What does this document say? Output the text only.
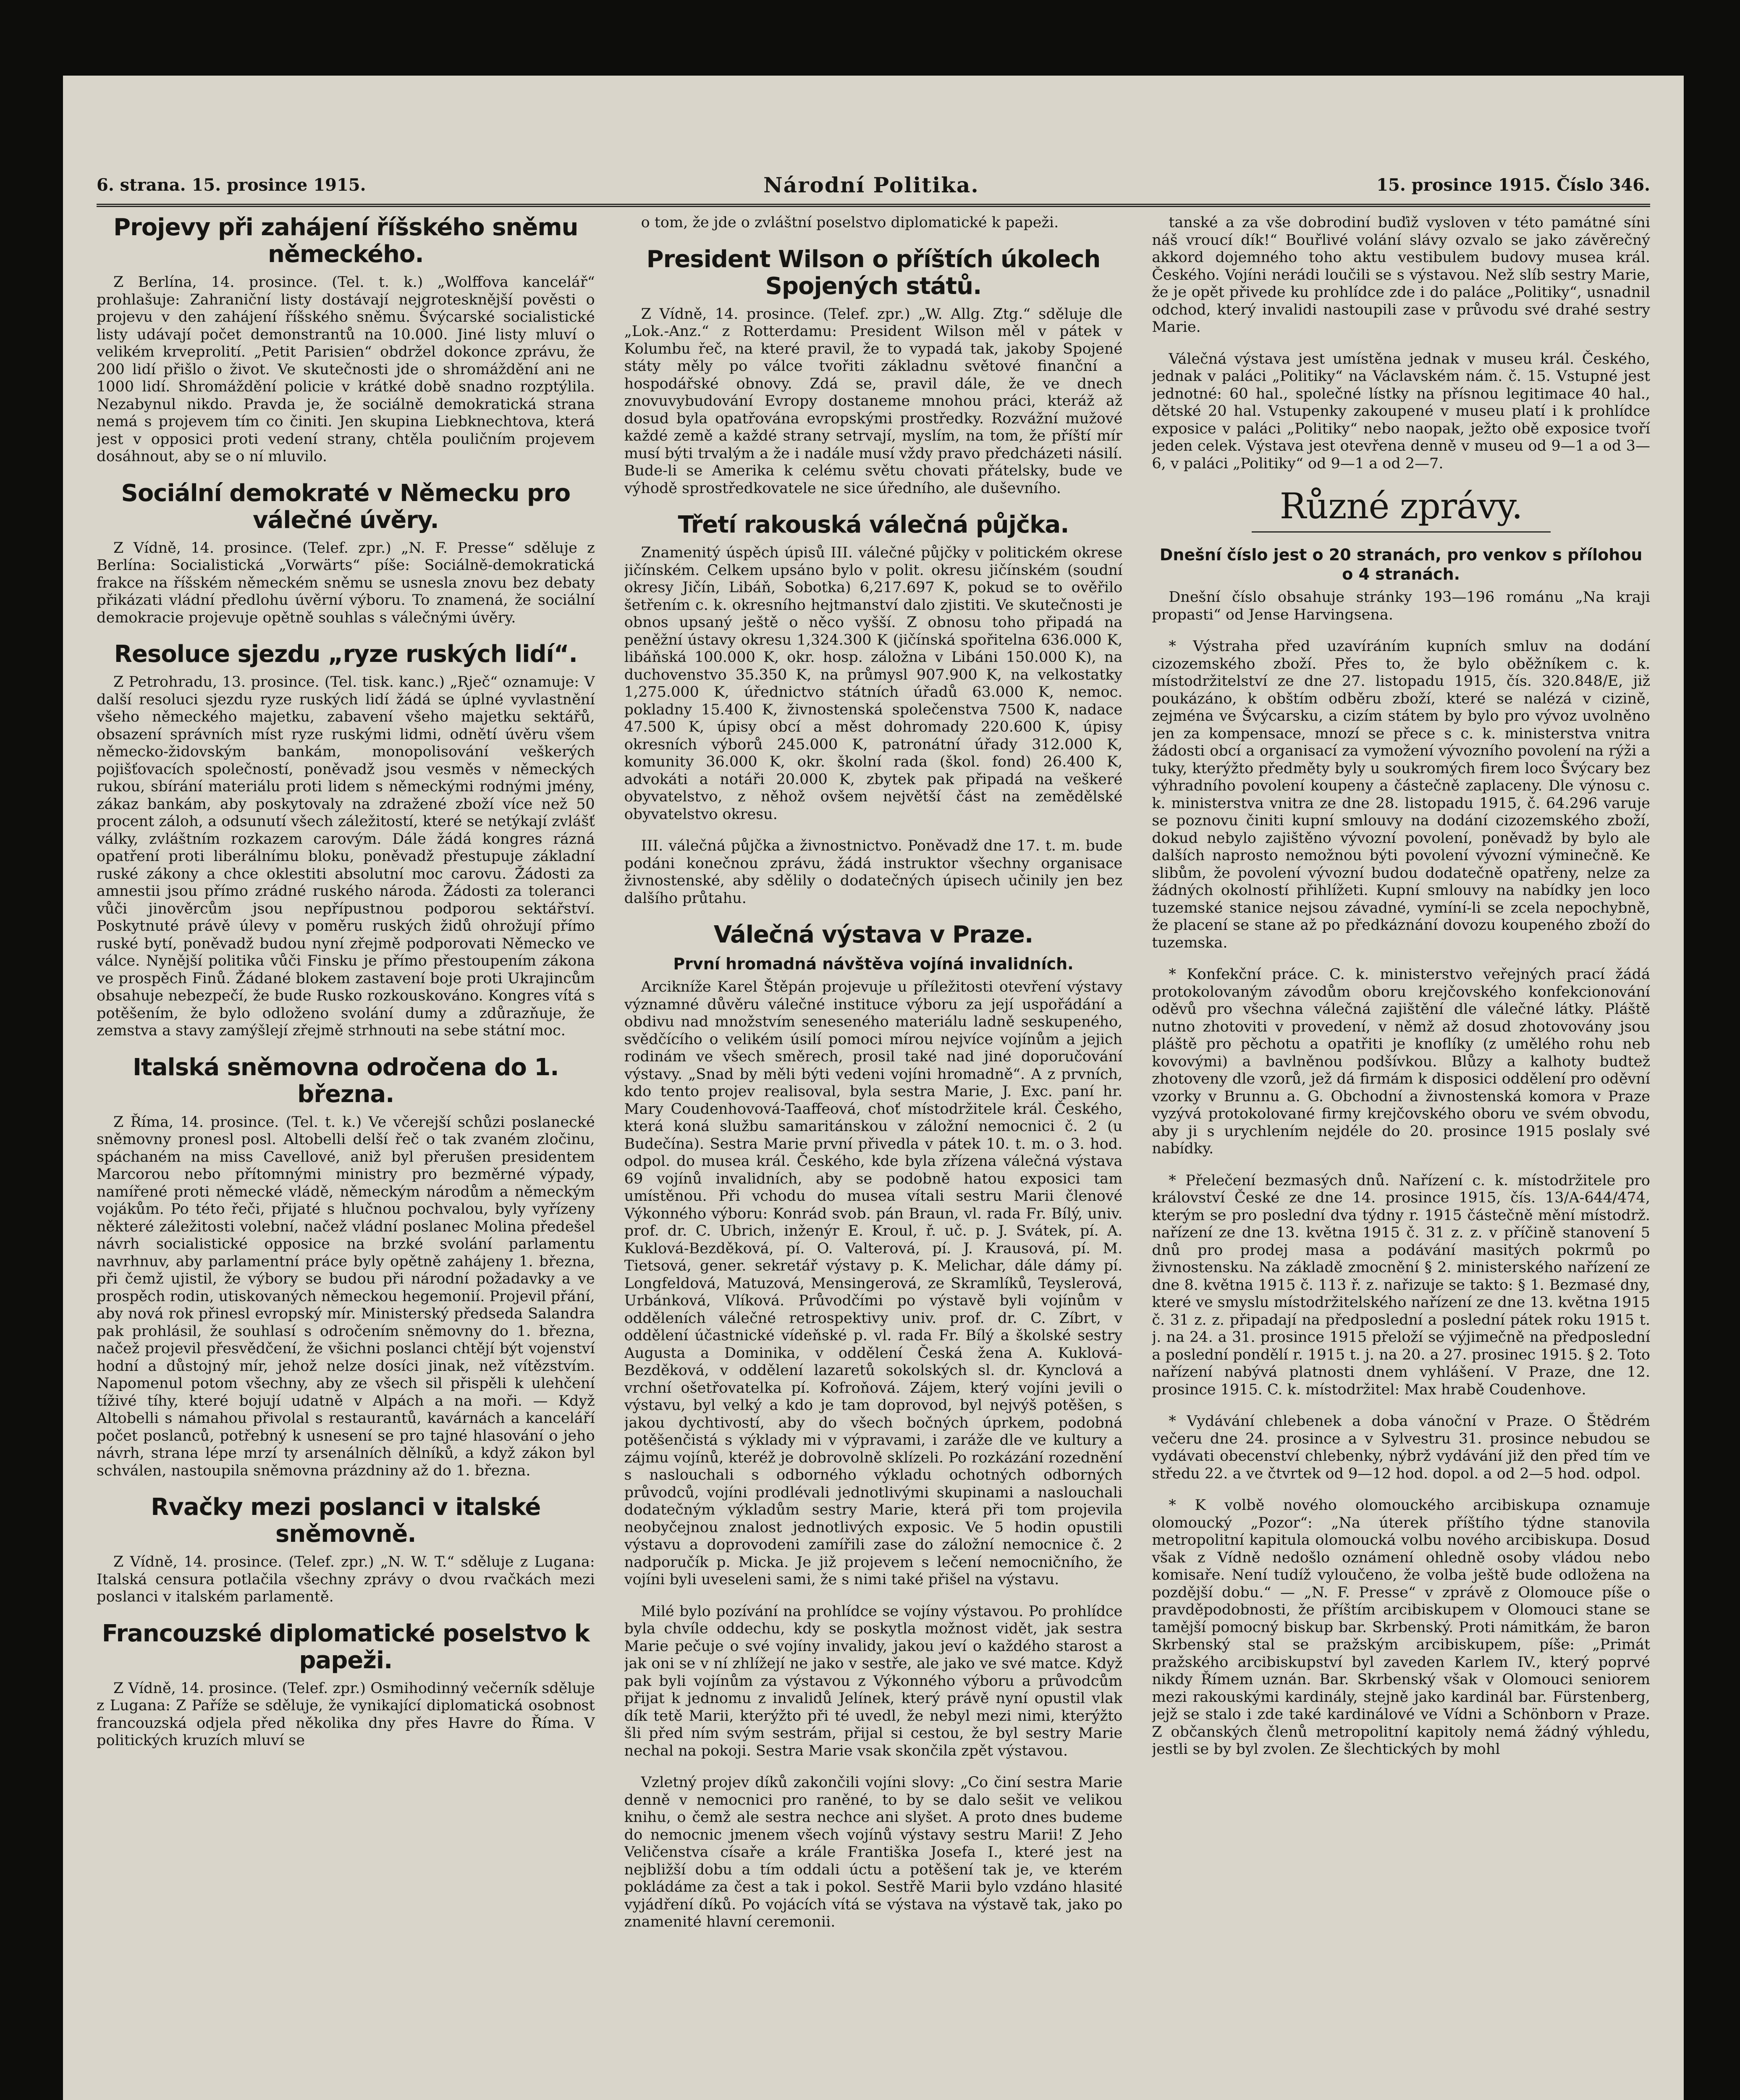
6. strana. 15. prosince 1915.	Národní Politika.	15. prosince 1915. Číslo 346.
Projevy při zahájení říšského sněmu německého.

Z Berlína, 14. prosince. (Tel. t. k.) „Wolffova kancelář“ prohlašuje: Zahraniční listy dostávají nejgrotesknější pověsti o projevu v den zahájení říšského sněmu. Švýcarské socialistické listy udávají počet demonstrantů na 10.000. Jiné listy mluví o velikém krveprolití. „Petit Parisien“ obdržel dokonce zprávu, že 200 lidí přišlo o život. Ve skutečnosti jde o shromáždění ani ne 1000 lidí. Shromáždění policie v krátké době snadno rozptýlila. Nezabynul nikdo. Pravda je, že sociálně demokratická strana nemá s projevem tím co činiti. Jen skupina Liebknechtova, která jest v opposici proti vedení strany, chtěla pouličním projevem dosáhnout, aby se o ní mluvilo.

Sociální demokraté v Německu pro válečné úvěry.

Z Vídně, 14. prosince. (Telef. zpr.) „N. F. Presse“ sděluje z Berlína: Socialistická „Vorwärts“ píše: Sociálně-demokratická frakce na říšském německém sněmu se usnesla znovu bez debaty přikázati vládní předlohu úvěrní výboru. To znamená, že sociální demokracie projevuje opětně souhlas s válečnými úvěry.

Resoluce sjezdu „ryze ruských lidí“.

Z Petrohradu, 13. prosince. (Tel. tisk. kanc.) „Rječ“ oznamuje: V další resoluci sjezdu ryze ruských lidí žádá se úplné vyvlastnění všeho německého majetku, zabavení všeho majetku sektářů, obsazení správních míst ryze ruskými lidmi, odnětí úvěru všem německo-židovským bankám, monopolisování veškerých pojišťovacích společností, poněvadž jsou vesměs v německých rukou, sbírání materiálu proti lidem s německými rodnými jmény, zákaz bankám, aby poskytovaly na zdražené zboží více než 50 procent záloh, a odsunutí všech záležitostí, které se netýkají zvlášť války, zvláštním rozkazem carovým. Dále žádá kongres rázná opatření proti liberálnímu bloku, poněvadž přestupuje základní ruské zákony a chce oklestiti absolutní moc carovu. Žádosti za amnestii jsou přímo zrádné ruského národa. Žádosti za toleranci vůči jinověrcům jsou nepřípustnou podporou sektářství. Poskytnuté právě úlevy v poměru ruských židů ohrožují přímo ruské bytí, poněvadž budou nyní zřejmě podporovati Německo ve válce. Nynější politika vůči Finsku je přímo přestoupením zákona ve prospěch Finů. Žádané blokem zastavení boje proti Ukrajincům obsahuje nebezpečí, že bude Rusko rozkouskováno. Kongres vítá s potěšením, že bylo odloženo svolání dumy a zdůrazňuje, že zemstva a stavy zamýšlejí zřejmě strhnouti na sebe státní moc.

Italská sněmovna odročena do 1. března.

Z Říma, 14. prosince. (Tel. t. k.) Ve včerejší schůzi poslanecké sněmovny pronesl posl. Altobelli delší řeč o tak zvaném zločinu, spáchaném na miss Cavellové, aniž byl přerušen presidentem Marcorou nebo přítomnými ministry pro bezměrné výpady, namířené proti německé vládě, německým národům a německým vojákům. Po této řeči, přijaté s hlučnou pochvalou, byly vyřízeny některé záležitosti volební, načež vládní poslanec Molina předešel návrh socialistické opposice na brzké svolání parlamentu navrhnuv, aby parlamentní práce byly opětně zahájeny 1. března, při čemž ujistil, že výbory se budou při národní požadavky a ve prospěch rodin, utiskovaných německou hegemonií. Projevil přání, aby nová rok přinesl evropský mír. Ministerský předseda Salandra pak prohlásil, že souhlasí s odročením sněmovny do 1. března, načež projevil přesvědčení, že všichni poslanci chtějí být vojenství hodní a důstojný mír, jehož nelze dosíci jinak, než vítězstvím. Napomenul potom všechny, aby ze všech sil přispěli k ulehčení tíživé tíhy, které bojují udatně v Alpách a na moři. — Když Altobelli s námahou přivolal s restaurantů, kavárnách a kanceláří počet poslanců, potřebný k usnesení se pro tajné hlasování o jeho návrh, strana lépe mrzí ty arsenálních dělníků, a když zákon byl schválen, nastoupila sněmovna prázdniny až do 1. března.

Rvačky mezi poslanci v italské sněmovně.

Z Vídně, 14. prosince. (Telef. zpr.) „N. W. T.“ sděluje z Lugana: Italská censura potlačila všechny zprávy o dvou rvačkách mezi poslanci v italském parlamentě.

Francouzské diplomatické poselstvo k papeži.

Z Vídně, 14. prosince. (Telef. zpr.) Osmihodinný večerník sděluje z Lugana: Z Paříže se sděluje, že vynikající diplomatická osobnost francouzská odjela před několika dny přes Havre do Říma. V politických kruzích mluví se

o tom, že jde o zvláštní poselstvo diplomatické k papeži.

President Wilson o příštích úkolech Spojených států.

Z Vídně, 14. prosince. (Telef. zpr.) „W. Allg. Ztg.“ sděluje dle „Lok.-Anz.“ z Rotterdamu: President Wilson měl v pátek v Kolumbu řeč, na které pravil, že to vypadá tak, jakoby Spojené státy měly po válce tvořiti základnu světové finanční a hospodářské obnovy. Zdá se, pravil dále, že ve dnech znovuvybudování Evropy dostaneme mnohou práci, kteráž až dosud byla opatřována evropskými prostředky. Rozvážní mužové každé země a každé strany setrvají, myslím, na tom, že příští mír musí býti trvalým a že i nadále musí vždy pravo předcházeti násilí. Bude-li se Amerika k celému světu chovati přátelsky, bude ve výhodě sprostředkovatele ne sice úředního, ale duševního.

Třetí rakouská válečná půjčka.

Znamenitý úspěch úpisů III. válečné půjčky v politickém okrese jičínském. Celkem upsáno bylo v polit. okresu jičínském (soudní okresy Jičín, Libáň, Sobotka) 6,217.697 K, pokud se to ověřilo šetřením c. k. okresního hejtmanství dalo zjistiti. Ve skutečnosti je obnos upsaný ještě o něco vyšší. Z obnosu toho připadá na peněžní ústavy okresu 1,324.300 K (jičínská spořitelna 636.000 K, libáňská 100.000 K, okr. hosp. záložna v Libáni 150.000 K), na duchovenstvo 35.350 K, na průmysl 907.900 K, na velkostatky 1,275.000 K, úřednictvo státních úřadů 63.000 K, nemoc. pokladny 15.400 K, živnostenská společenstva 7500 K, nadace 47.500 K, úpisy obcí a měst dohromady 220.600 K, úpisy okresních výborů 245.000 K, patronátní úřady 312.000 K, komunity 36.000 K, okr. školní rada (škol. fond) 26.400 K, advokáti a notáři 20.000 K, zbytek pak připadá na veškeré obyvatelstvo, z něhož ovšem největší část na zemědělské obyvatelstvo okresu.

III. válečná půjčka a živnostnictvo. Poněvadž dne 17. t. m. bude podáni konečnou zprávu, žádá instruktor všechny organisace živnostenské, aby sdělily o dodatečných úpisech učinily jen bez dalšího průtahu.

Válečná výstava v Praze.
První hromadná návštěva vojíná invalidních.

Arcikníže Karel Štěpán projevuje u příležitosti otevření výstavy významné důvěru válečné instituce výboru za její uspořádání a obdivu nad množstvím seneseného materiálu ladně seskupeného, svědčícího o velikém úsilí pomoci mírou nejvíce vojínům a jejich rodinám ve všech směrech, prosil také nad jiné doporučování výstavy. „Snad by měli býti vedeni vojíni hromadně“. A z prvních, kdo tento projev realisoval, byla sestra Marie, J. Exc. paní hr. Mary Coudenhovová-Taaffeová, choť místodržitele král. Českého, která koná službu samaritánskou v záložní nemocnici č. 2 (u Budečína). Sestra Marie první přivedla v pátek 10. t. m. o 3. hod. odpol. do musea král. Českého, kde byla zřízena válečná výstava 69 vojínů invalidních, aby se podobně hatou exposici tam umístěnou. Při vchodu do musea vítali sestru Marii členové Výkonného výboru: Konrád svob. pán Braun, vl. rada Fr. Bílý, univ. prof. dr. C. Ubrich, inženýr E. Kroul, ř. uč. p. J. Svátek, pí. A. Kuklová-Bezděková, pí. O. Valterová, pí. J. Krausová, pí. M. Tietsová, gener. sekretář výstavy p. K. Melichar, dále dámy pí. Longfeldová, Matuzová, Mensingerová, ze Skramlíků, Teyslerová, Urbánková, Vlíková. Průvodčími po výstavě byli vojínům v odděleních válečné retrospektivy univ. prof. dr. C. Zíbrt, v oddělení účastnické vídeňské p. vl. rada Fr. Bílý a školské sestry Augusta a Dominika, v oddělení Česká žena A. Kuklová-Bezděková, v oddělení lazaretů sokolských sl. dr. Kynclová a vrchní ošetřovatelka pí. Kofroňová. Zájem, který vojíni jevili o výstavu, byl velký a kdo je tam doprovod, byl nejvýš potěšen, s jakou dychtivostí, aby do všech bočných úprkem, podobná potěšenčistá s výklady mi v výpravami, i zaráže dle ve kultury a zájmu vojínů, kteréž je dobrovolně sklízeli. Po rozkázání rozednění s naslouchali s odborného výkladu ochotných odborných průvodců, vojíni prodlévali jednotlivými skupinami a naslouchali dodatečným výkladům sestry Marie, která při tom projevila neobyčejnou znalost jednotlivých exposic. Ve 5 hodin opustili výstavu a doprovodeni zamířili zase do záložní nemocnice č. 2 nadporučík p. Micka. Je již projevem s lečení nemocničního, že vojíni byli uveseleni sami, že s nimi také přišel na výstavu.

Milé bylo pozívání na prohlídce se vojíny výstavou. Po prohlídce byla chvíle oddechu, kdy se poskytla možnost vidět, jak sestra Marie pečuje o své vojíny invalidy, jakou jeví o každého starost a jak oni se v ní zhlížejí ne jako v sestře, ale jako ve své matce. Když pak byli vojínům za výstavou z Výkonného výboru a průvodcům přijat k jednomu z invalidů Jelínek, který právě nyní opustil vlak dík tetě Marii, kterýžto při té uvedl, že nebyl mezi nimi, kterýžto šli před ním svým sestrám, přijal si cestou, že byl sestry Marie nechal na pokoji. Sestra Marie vsak skončila zpět výstavou.

Vzletný projev díků zakončili vojíni slovy: „Co činí sestra Marie denně v nemocnici pro raněné, to by se dalo sešit ve velikou knihu, o čemž ale sestra nechce ani slyšet. A proto dnes budeme do nemocnic jmenem všech vojínů výstavy sestru Marii! Z Jeho Veličenstva císaře a krále Františka Josefa I., které jest na nejbližší dobu a tím oddali úctu a potěšení tak je, ve kterém pokládáme za čest a tak i pokol. Sestřě Marii bylo vzdáno hlasité vyjádření díků. Po vojácích vítá se výstava na výstavě tak, jako po znamenité hlavní ceremonii.

tanské a za vše dobrodiní buďiž vysloven v této památné síni náš vroucí dík!“ Bouřlivé volání slávy ozvalo se jako závěrečný akkord dojemného toho aktu vestibulem budovy musea král. Českého. Vojíni nerádi loučili se s výstavou. Než slíb sestry Marie, že je opět přivede ku prohlídce zde i do paláce „Politiky“, usnadnil odchod, který invalidi nastoupili zase v průvodu své drahé sestry Marie.

Válečná výstava jest umístěna jednak v museu král. Českého, jednak v paláci „Politiky“ na Václavském nám. č. 15. Vstupné jest jednotné: 60 hal., společné lístky na přísnou legitimace 40 hal., dětské 20 hal. Vstupenky zakoupené v museu platí i k prohlídce exposice v paláci „Politiky“ nebo naopak, ježto obě exposice tvoří jeden celek. Výstava jest otevřena denně v museu od 9—1 a od 3—6, v paláci „Politiky“ od 9—1 a od 2—7.

Různé zprávy.
Dnešní číslo jest o 20 stranách, pro venkov s přílohou o 4 stranách.

Dnešní číslo obsahuje stránky 193—196 románu „Na kraji propasti“ od Jense Harvingsena.

* Výstraha před uzavíráním kupních smluv na dodání cizozemského zboží. Přes to, že bylo oběžníkem c. k. místodržitelství ze dne 27. listopadu 1915, čís. 320.848/E, již poukázáno, k obštím odběru zboží, které se nalézá v cizině, zejména ve Švýcarsku, a cizím státem by bylo pro vývoz uvolněno jen za kompensace, mnozí se přece s c. k. ministerstva vnitra žádosti obcí a organisací za vymožení vývozního povolení na rýži a tuky, kterýžto předměty byly u soukromých firem loco Švýcary bez výhradního povolení koupeny a částečně zaplaceny. Dle výnosu c. k. ministerstva vnitra ze dne 28. listopadu 1915, č. 64.296 varuje se poznovu činiti kupní smlouvy na dodání cizozemského zboží, dokud nebylo zajištěno vývozní povolení, poněvadž by bylo ale dalších naprosto nemožnou býti povolení vývozní výminečně. Ke slibům, že povolení vývozní budou dodatečně opatřeny, nelze za žádných okolností přihlížeti. Kupní smlouvy na nabídky jen loco tuzemské stanice nejsou závadné, vymíní-li se zcela nepochybně, že placení se stane až po předkáznání dovozu koupeného zboží do tuzemska.

* Konfekční práce. C. k. ministerstvo veřejných prací žádá protokolovaným závodům oboru krejčovského konfekcionování oděvů pro všechna válečná zajištění dle válečné látky. Pláště nutno zhotoviti v provedení, v němž až dosud zhotovovány jsou pláště pro pěchotu a opatřiti je knoflíky (z umělého rohu neb kovovými) a bavlněnou podšívkou. Blůzy a kalhoty budtež zhotoveny dle vzorů, jež dá firmám k disposici oddělení pro oděvní vzorky v Brunnu a. G. Obchodní a živnostenská komora v Praze vyzývá protokolované firmy krejčovského oboru ve svém obvodu, aby ji s urychlením nejdéle do 20. prosince 1915 poslaly své nabídky.

* Přelečení bezmasých dnů. Nařízení c. k. místodržitele pro království České ze dne 14. prosince 1915, čís. 13/A-644/474, kterým se pro poslední dva týdny r. 1915 částečně mění místodrž. nařízení ze dne 13. května 1915 č. 31 z. z. v příčině stanovení 5 dnů pro prodej masa a podávání masitých pokrmů po živnostensku. Na základě zmocnění § 2. ministerského nařízení ze dne 8. května 1915 č. 113 ř. z. nařizuje se takto: § 1. Bezmasé dny, které ve smyslu místodržitelského nařízení ze dne 13. května 1915 č. 31 z. z. připadají na předposlední a poslední pátek roku 1915 t. j. na 24. a 31. prosince 1915 přeloží se výjimečně na předposlední a poslední pondělí r. 1915 t. j. na 20. a 27. prosinec 1915. § 2. Toto nařízení nabývá platnosti dnem vyhlášení. V Praze, dne 12. prosince 1915. C. k. místodržitel: Max hrabě Coudenhove.

* Vydávání chlebenek a doba vánoční v Praze. O Štědrém večeru dne 24. prosince a v Sylvestru 31. prosince nebudou se vydávati obecenství chlebenky, nýbrž vydávání již den před tím ve středu 22. a ve čtvrtek od 9—12 hod. dopol. a od 2—5 hod. odpol.

* K volbě nového olomouckého arcibiskupa oznamuje olomoucký „Pozor“: „Na úterek příštího týdne stanovila metropolitní kapitula olomoucká volbu nového arcibiskupa. Dosud však z Vídně nedošlo oznámení ohledně osoby vládou nebo komisaře. Není tudíž vyloučeno, že volba ještě bude odložena na pozdější dobu.“ — „N. F. Presse“ v zprávě z Olomouce píše o pravděpodobnosti, že příštím arcibiskupem v Olomouci stane se tamější pomocný biskup bar. Skrbenský. Proti námitkám, že baron Skrbenský stal se pražským arcibiskupem, píše: „Primát pražského arcibiskupství byl zaveden Karlem IV., který poprvé nikdy Římem uznán. Bar. Skrbenský však v Olomouci seniorem mezi rakouskými kardinály, stejně jako kardinál bar. Fürstenberg, jejž se stalo i zde také kardinálové ve Vídni a Schönborn v Praze. Z občanských členů metropolitní kapitoly nemá žádný výhledu, jestli se by byl zvolen. Ze šlechtických by mohl
